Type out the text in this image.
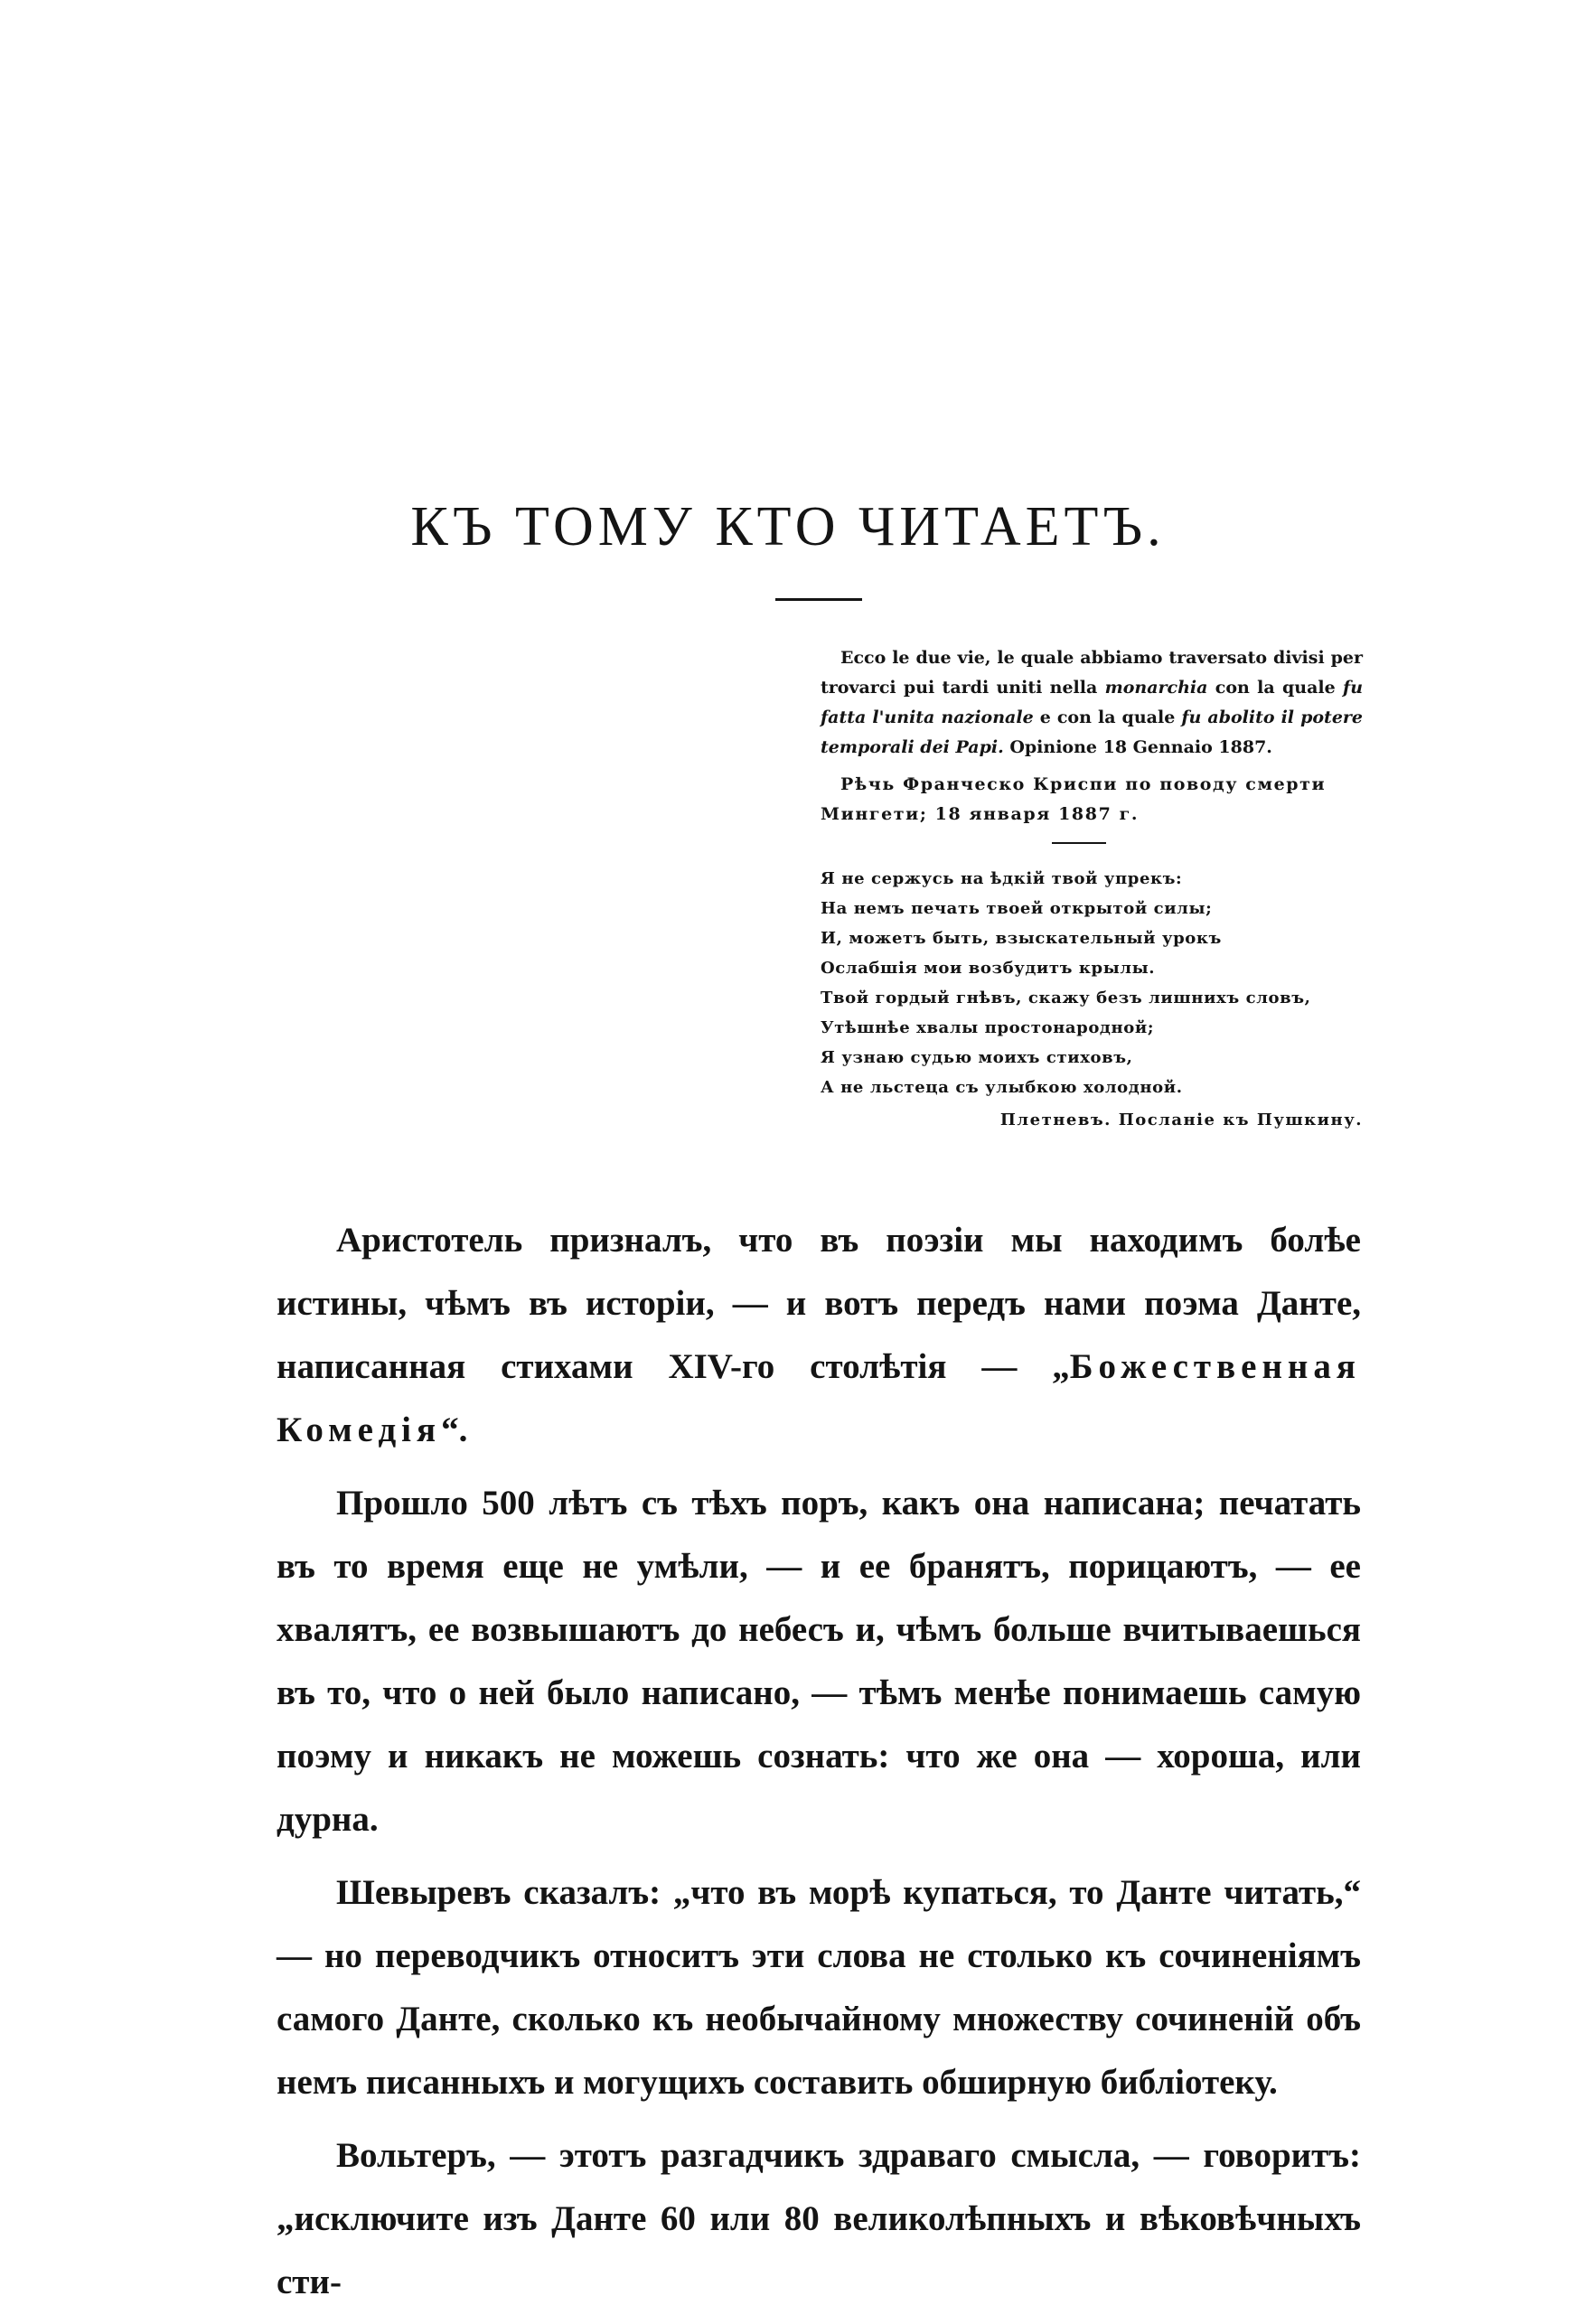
КЪ ТОМУ КТО ЧИТАЕТЪ.

Ecco le due vie, le quale abbiamo traversato divisi per trovarci pui tardi uniti nella monarchia con la quale fu fatta l'unita nazionale e con la quale fu abolito il potere temporali dei Papi. Opinione 18 Gennaio 1887.

Рѣчь Франческо Криспи по поводу смерти Мингети; 18 января 1887 г.

Я не сержусь на ѣдкій твой упрекъ:
На немъ печать твоей открытой силы;
И, можетъ быть, взыскательный урокъ
Ослабшія мои возбудитъ крылы.
Твой гордый гнѣвъ, скажу безъ лишнихъ словъ,
Утѣшнѣе хвалы простонародной;
Я узнаю судью моихъ стиховъ,
А не льстеца съ улыбкою холодной.
Плетневъ. Посланіе къ Пушкину.

Аристотель призналъ, что въ поэзіи мы находимъ болѣе истины, чѣмъ въ исторіи, — и вотъ передъ нами поэма Данте, написанная стихами XIV-го столѣтія — „Божественная Комедія“.

Прошло 500 лѣтъ съ тѣхъ поръ, какъ она написана; печатать въ то время еще не умѣли, — и ее бранятъ, порицаютъ, — ее хвалятъ, ее возвышаютъ до небесъ и, чѣмъ больше вчитываешься въ то, что о ней было написано, — тѣмъ менѣе понимаешь самую поэму и никакъ не можешь сознать: что же она — хороша, или дурна.

Шевыревъ сказалъ: „что въ морѣ купаться, то Данте читать,“ — но переводчикъ относитъ эти слова не столько къ сочиненіямъ самого Данте, сколько къ необычайному множеству сочиненій объ немъ писанныхъ и могущихъ составить обширную библіотеку.

Вольтеръ, — этотъ разгадчикъ здраваго смысла, — говоритъ: „исключите изъ Данте 60 или 80 великолѣпныхъ и вѣковѣчныхъ сти-
